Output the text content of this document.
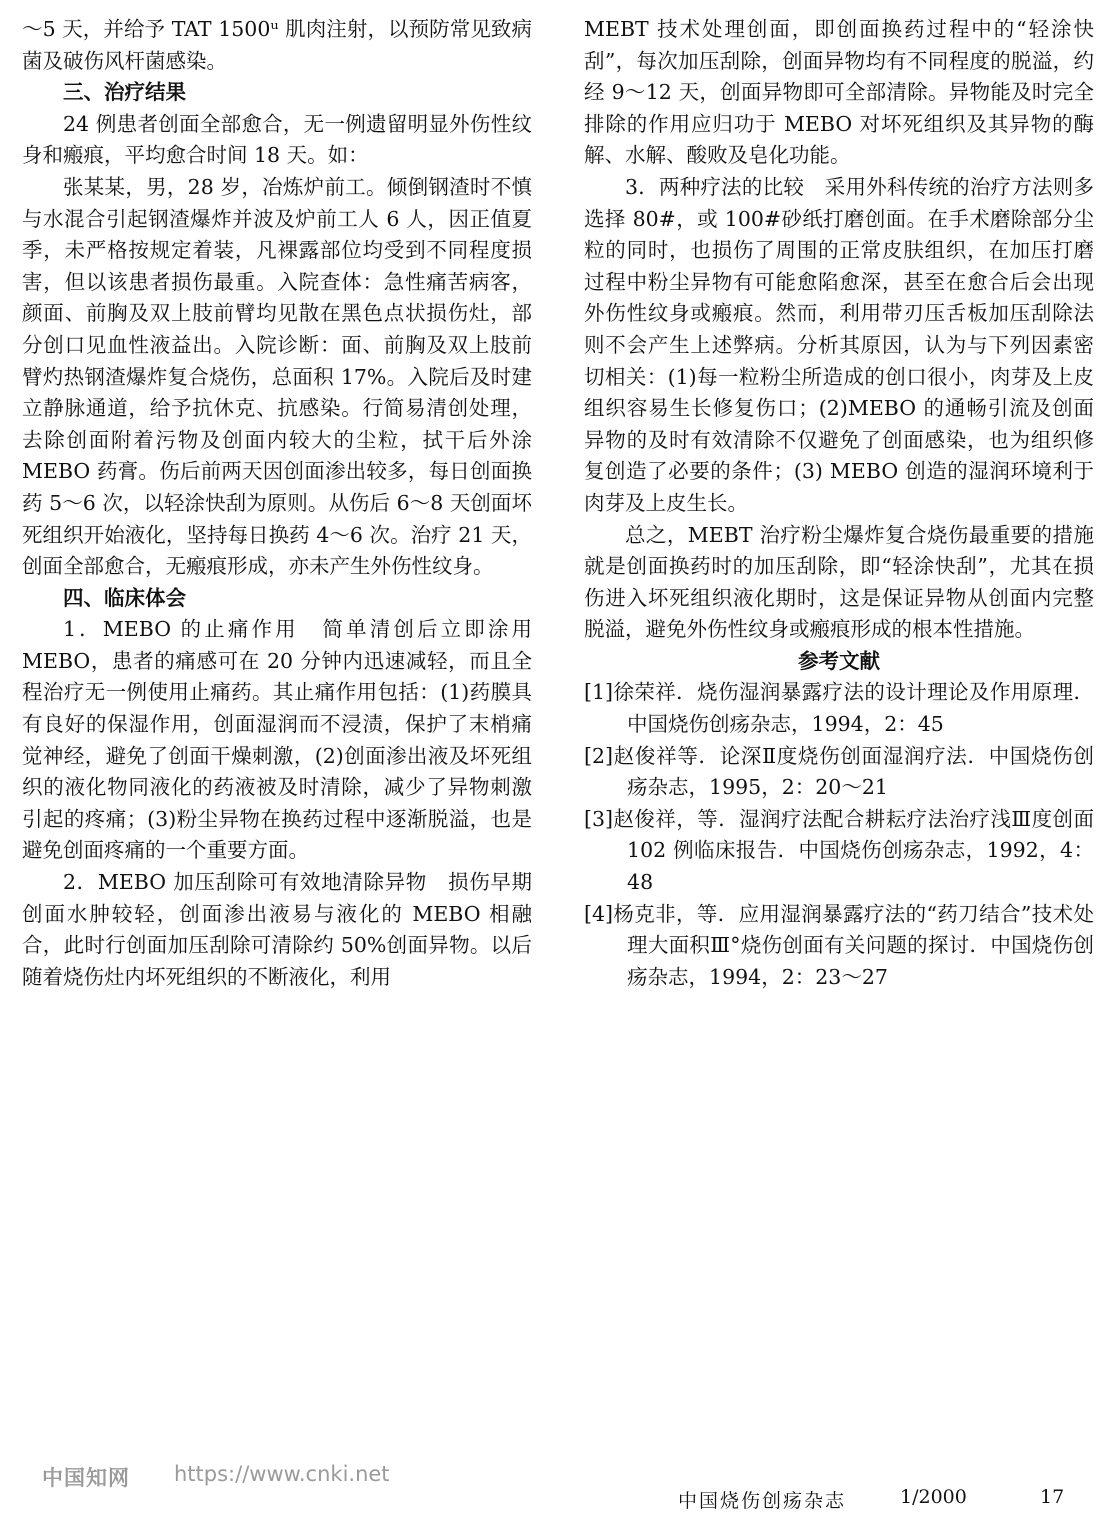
～5 天，并给予 TAT 1500ᵘ 肌肉注射，以预防常见致病菌及破伤风杆菌感染。

三、治疗结果

24 例患者创面全部愈合，无一例遗留明显外伤性纹身和瘢痕，平均愈合时间 18 天。如：

张某某，男，28 岁，冶炼炉前工。倾倒钢渣时不慎与水混合引起钢渣爆炸并波及炉前工人 6 人，因正值夏季，未严格按规定着装，凡裸露部位均受到不同程度损害，但以该患者损伤最重。入院查体：急性痛苦病客，颜面、前胸及双上肢前臂均见散在黑色点状损伤灶，部分创口见血性液益出。入院诊断：面、前胸及双上肢前臂灼热钢渣爆炸复合烧伤，总面积 17%。入院后及时建立静脉通道，给予抗休克、抗感染。行简易清创处理，去除创面附着污物及创面内较大的尘粒，拭干后外涂 MEBO 药膏。伤后前两天因创面渗出较多，每日创面换药 5～6 次，以轻涂快刮为原则。从伤后 6～8 天创面坏死组织开始液化，坚持每日换药 4～6 次。治疗 21 天，创面全部愈合，无瘢痕形成，亦未产生外伤性纹身。

四、临床体会

1．MEBO 的止痛作用　简单清创后立即涂用 MEBO，患者的痛感可在 20 分钟内迅速减轻，而且全程治疗无一例使用止痛药。其止痛作用包括：(1)药膜具有良好的保湿作用，创面湿润而不浸渍，保护了末梢痛觉神经，避免了创面干燥刺激，(2)创面渗出液及坏死组织的液化物同液化的药液被及时清除，减少了异物刺激引起的疼痛；(3)粉尘异物在换药过程中逐渐脱溢，也是避免创面疼痛的一个重要方面。

2．MEBO 加压刮除可有效地清除异物　损伤早期创面水肿较轻，创面渗出液易与液化的 MEBO 相融合，此时行创面加压刮除可清除约 50%创面异物。以后随着烧伤灶内坏死组织的不断液化，利用

MEBT 技术处理创面，即创面换药过程中的“轻涂快刮”，每次加压刮除，创面异物均有不同程度的脱溢，约经 9～12 天，创面异物即可全部清除。异物能及时完全排除的作用应归功于 MEBO 对坏死组织及其异物的酶解、水解、酸败及皂化功能。

3．两种疗法的比较　采用外科传统的治疗方法则多选择 80#，或 100#砂纸打磨创面。在手术磨除部分尘粒的同时，也损伤了周围的正常皮肤组织，在加压打磨过程中粉尘异物有可能愈陷愈深，甚至在愈合后会出现外伤性纹身或瘢痕。然而，利用带刃压舌板加压刮除法则不会产生上述弊病。分析其原因，认为与下列因素密切相关：(1)每一粒粉尘所造成的创口很小，肉芽及上皮组织容易生长修复伤口；(2)MEBO 的通畅引流及创面异物的及时有效清除不仅避免了创面感染，也为组织修复创造了必要的条件；(3) MEBO 创造的湿润环境利于肉芽及上皮生长。

总之，MEBT 治疗粉尘爆炸复合烧伤最重要的措施就是创面换药时的加压刮除，即“轻涂快刮”，尤其在损伤进入坏死组织液化期时，这是保证异物从创面内完整脱溢，避免外伤性纹身或瘢痕形成的根本性措施。

参考文献
[1]徐荣祥．烧伤湿润暴露疗法的设计理论及作用原理．中国烧伤创疡杂志，1994，2：45
[2]赵俊祥等．论深Ⅱ度烧伤创面湿润疗法．中国烧伤创疡杂志，1995，2：20～21
[3]赵俊祥，等．湿润疗法配合耕耘疗法治疗浅Ⅲ度创面 102 例临床报告．中国烧伤创疡杂志，1992，4：48
[4]杨克非，等．应用湿润暴露疗法的“药刀结合”技术处理大面积Ⅲ°烧伤创面有关问题的探讨．中国烧伤创疡杂志，1994，2：23～27
中国知网 https://www.cnki.net
中国烧伤创疡杂志	1/2000	17
